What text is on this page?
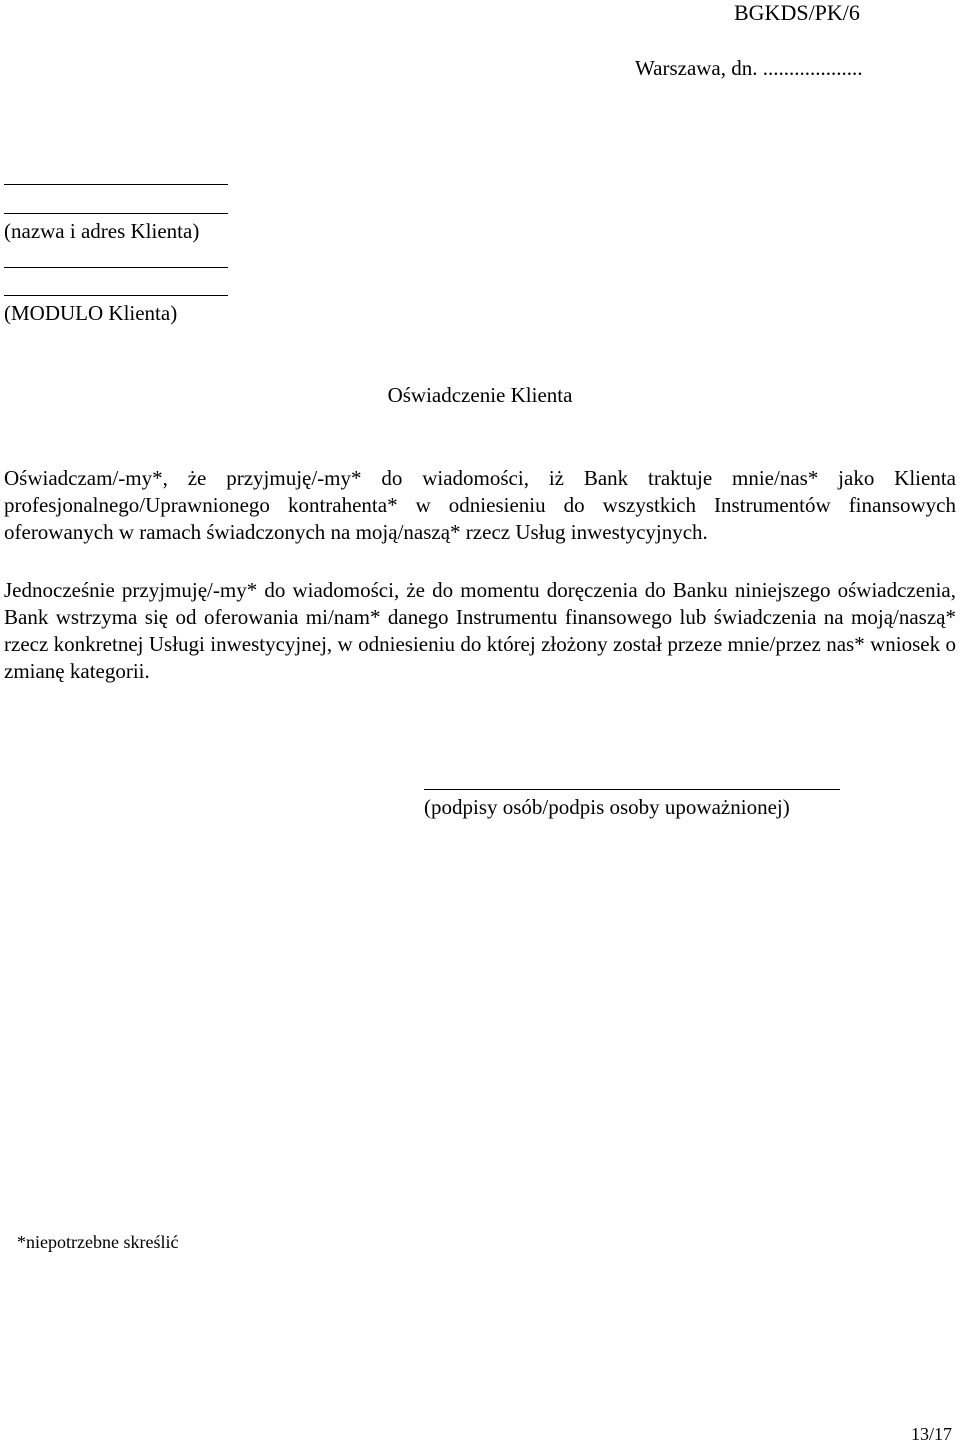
BGKDS/PK/6
Warszawa, dn. ...................
(nazwa i adres Klienta)
(MODULO Klienta)
Oświadczenie Klienta
Oświadczam/-my*, że przyjmuję/-my* do wiadomości, iż Bank traktuje mnie/nas* jako Klienta profesjonalnego/Uprawnionego kontrahenta* w odniesieniu do wszystkich Instrumentów finansowych oferowanych w ramach świadczonych na moją/naszą* rzecz Usług inwestycyjnych.
Jednocześnie przyjmuję/-my* do wiadomości, że do momentu doręczenia do Banku niniejszego oświadczenia, Bank wstrzyma się od oferowania mi/nam* danego Instrumentu finansowego lub świadczenia na moją/naszą* rzecz konkretnej Usługi inwestycyjnej, w odniesieniu do której złożony został przeze mnie/przez nas* wniosek o zmianę kategorii.
(podpisy osób/podpis osoby upoważnionej)
*niepotrzebne skreślić
13/17
